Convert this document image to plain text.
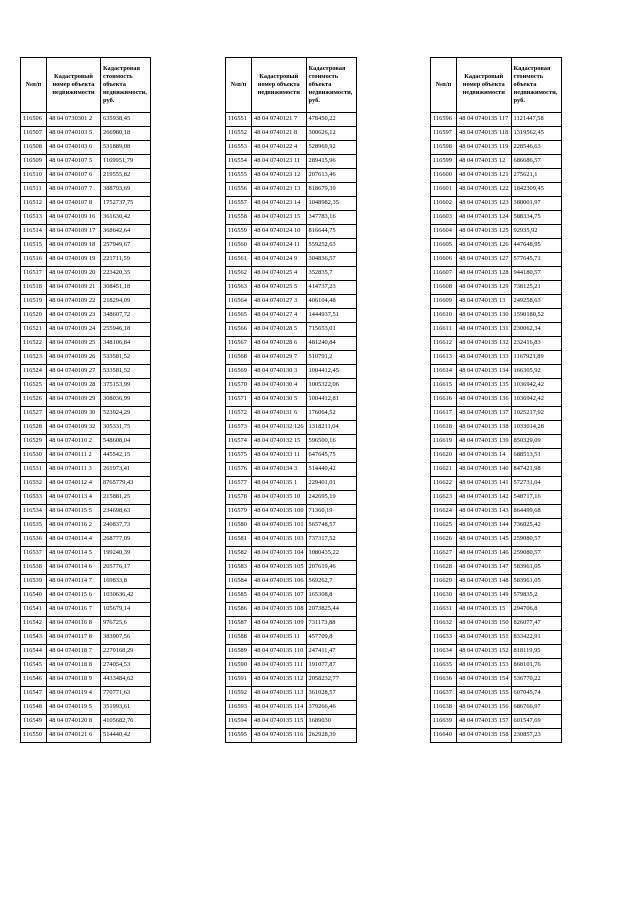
№п/п	Кадастровый номер объекта недвижимости	Кадастровая стоимость объекта недвижимости, руб.
116506	48 04 0730301 2	635938,45
116507	48 04 0740103 5	266980,18
116508	48 04 0740103 6	531889,08
116509	48 04 0740107 5	1169951,79
116510	48 04 0740107 6	219555,82
116511	48 04 0740107 7	388793,69
116512	48 04 0740107 8	1752737,75
116513	48 04 0740109 16	361630,42
116514	48 04 0740109 17	368642,64
116515	48 04 0740109 18	257949,67
116516	48 04 0740109 19	221711,59
116517	48 04 0740109 20	223420,35
116518	48 04 0740109 21	308451,18
116519	48 04 0740109 22	218294,09
116520	48 04 0740109 23	348607,72
116521	48 04 0740109 24	255946,18
116522	48 04 0740109 25	348106,84
116523	48 04 0740109 26	533581,52
116524	48 04 0740109 27	533581,52
116525	48 04 0740109 28	375153,99
116526	48 04 0740109 29	308036,99
116527	48 04 0740109 30	523924,29
116528	48 04 0740109 32	305331,75
116529	48 04 0740110 2	548608,04
116530	48 04 0740111 2	445542,15
116531	48 04 0740111 3	261973,41
116532	48 04 0740112 4	8765779,43
116533	48 04 0740113 4	215881,25
116534	48 04 0740115 5	234698,63
116535	48 04 0740116 2	240837,73
116536	48 04 0740114 4	268777,09
116537	48 04 0740114 5	199240,39
116538	48 04 0740114 6	205776,17
116539	48 04 0740114 7	169833,8
116540	48 04 0740115 6	1030636,42
116541	48 04 0740116 7	105679,14
116542	48 04 0740116 8	976725,6
116543	48 04 0740117 8	383907,56
116544	48 04 0740118 7	2270168,29
116545	48 04 0740118 8	274054,53
116546	48 04 0740118 9	4433484,62
116547	48 04 0740119 4	770771,63
116548	48 04 0740119 5	351993,61
116549	48 04 0740120 8	4105682,76
116550	48 04 0740121 6	514440,42
№п/п	Кадастровый номер объекта недвижимости	Кадастровая стоимость объекта недвижимости, руб.
116551	48 04 0740121 7	478450,22
116552	48 04 0740121 8	300626,12
116553	48 04 0740122 4	528969,92
116554	48 04 0740123 11	289415,96
116555	48 04 0740123 12	207613,46
116556	48 04 0740123 13	818679,39
116557	48 04 0740123 14	1048982,35
116558	48 04 0740123 15	347783,16
116559	48 04 0740124 10	816644,75
116560	48 04 0740124 11	559252,63
116561	48 04 0740124 9	304836,57
116562	48 04 0740125 4	352835,7
116563	48 04 0740125 5	414737,23
116564	48 04 0740127 3	406104,48
116565	48 04 0740127 4	1444937,51
116566	48 04 0740128 5	715653,01
116567	48 04 0740128 6	481240,84
116568	48 04 0740129 7	510791,2
116569	48 04 0740130 3	1004412,45
116570	48 04 0740130 4	1005322,06
116571	48 04 0740130 5	1004412,81
116572	48 04 0740131 6	176064,52
116573	48 04 0740132 126	1318211,04
116574	48 04 0740132 15	596500,16
116575	48 04 0740133 11	647645,75
116576	48 04 0740134 3	514440,42
116577	48 04 0740135 1	229401,01
116578	48 04 0740135 10	242695,19
116579	48 04 0740135 100	71360,19
116580	48 04 0740135 101	565748,57
116581	48 04 0740135 103	737317,52
116582	48 04 0740135 104	1080435,22
116583	48 04 0740135 105	207619,46
116584	48 04 0740135 106	569262,7
116585	48 04 0740135 107	165308,8
116586	48 04 0740135 108	2073825,44
116587	48 04 0740135 109	731173,88
116588	48 04 0740135 11	457709,8
116589	48 04 0740135 110	247411,47
116590	48 04 0740135 111	191077,87
116591	48 04 0740135 112	2058232,77
116592	48 04 0740135 113	361028,57
116593	48 04 0740135 114	379266,46
116594	48 04 0740135 115	1689030
116595	48 04 0740135 116	262928,39
№п/п	Кадастровый номер объекта недвижимости	Кадастровая стоимость объекта недвижимости, руб.
116596	48 04 0740135 117	1121447,58
116597	48 04 0740135 118	1319562,45
116598	48 04 0740135 119	228546,63
116599	48 04 0740135 12	686686,57
116600	48 04 0740135 121	275621,1
116601	48 04 0740135 122	1842309,45
116602	48 04 0740135 123	388001,97
116603	48 04 0740135 124	588334,75
116604	48 04 0740135 125	92935,92
116605	48 04 0740135 126	447648,95
116606	48 04 0740135 127	577645,71
116607	48 04 0740135 128	944180,57
116608	48 04 0740135 129	738125,21
116609	48 04 0740135 13	249258,63
116610	48 04 0740135 130	1590180,52
116611	48 04 0740135 131	230062,34
116612	48 04 0740135 132	232416,83
116613	48 04 0740135 133	1167921,89
116614	48 04 0740135 134	166305,92
116615	48 04 0740135 135	1036942,42
116616	48 04 0740135 136	1036942,42
116617	48 04 0740135 137	1025217,92
116618	48 04 0740135 138	1033014,28
116619	48 04 0740135 139	850329,09
116620	48 04 0740135 14	688513,51
116621	48 04 0740135 140	847421,98
116622	48 04 0740135 141	572731,04
116623	48 04 0740135 142	548717,16
116624	48 04 0740135 143	864499,68
116625	48 04 0740135 144	736025,42
116626	48 04 0740135 145	259080,57
116627	48 04 0740135 146	259080,57
116628	48 04 0740135 147	583961,05
116629	48 04 0740135 148	583961,05
116630	48 04 0740135 149	579835,2
116631	48 04 0740135 15	294706,8
116632	48 04 0740135 150	826077,47
116633	48 04 0740135 151	833422,91
116634	48 04 0740135 152	818119,95
116635	48 04 0740135 153	868101,76
116636	48 04 0740135 154	536770,22
116637	48 04 0740135 155	607045,74
116638	48 04 0740135 156	686766,97
116639	48 04 0740135 157	601547,69
116640	48 04 0740135 158	230857,23
